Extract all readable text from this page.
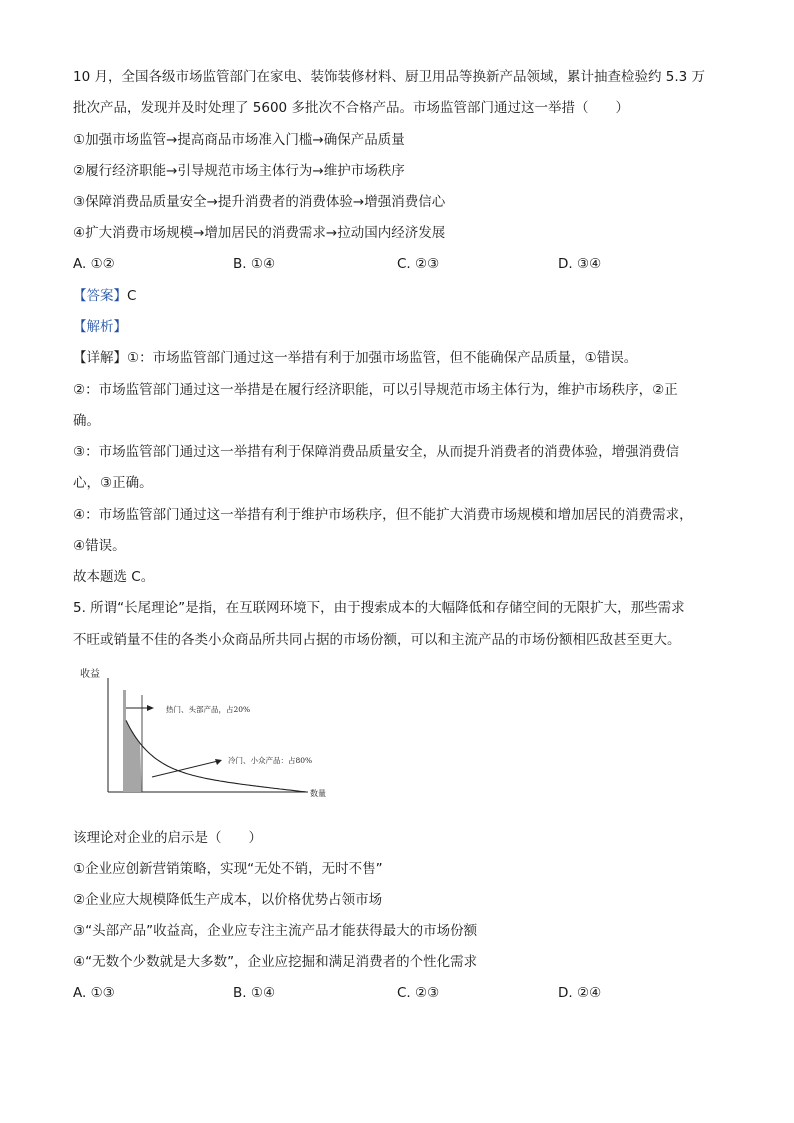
10 月，全国各级市场监管部门在家电、装饰装修材料、厨卫用品等换新产品领域，累计抽查检验约 5.3 万
批次产品，发现并及时处理了 5600 多批次不合格产品。市场监管部门通过这一举措（　　）
①加强市场监管→提高商品市场准入门槛→确保产品质量
②履行经济职能→引导规范市场主体行为→维护市场秩序
③保障消费品质量安全→提升消费者的消费体验→增强消费信心
④扩大消费市场规模→增加居民的消费需求→拉动国内经济发展
A. ①②	B. ①④	C. ②③	D. ③④
【答案】C
【解析】
【详解】①：市场监管部门通过这一举措有利于加强市场监管，但不能确保产品质量，①错误。
②：市场监管部门通过这一举措是在履行经济职能，可以引导规范市场主体行为，维护市场秩序，②正
确。
③：市场监管部门通过这一举措有利于保障消费品质量安全，从而提升消费者的消费体验，增强消费信
心，③正确。
④：市场监管部门通过这一举措有利于维护市场秩序，但不能扩大消费市场规模和增加居民的消费需求，
④错误。
故本题选 C。
5. 所谓“长尾理论”是指，在互联网环境下，由于搜索成本的大幅降低和存储空间的无限扩大，那些需求
不旺或销量不佳的各类小众商品所共同占据的市场份额，可以和主流产品的市场份额相匹敌甚至更大。
收益
热门、头部产品，占20%
冷门、小众产品：占80%
数量
该理论对企业的启示是（　　）
①企业应创新营销策略，实现“无处不销，无时不售”
②企业应大规模降低生产成本，以价格优势占领市场
③“头部产品”收益高，企业应专注主流产品才能获得最大的市场份额
④“无数个少数就是大多数”，企业应挖掘和满足消费者的个性化需求
A. ①③	B. ①④	C. ②③	D. ②④
